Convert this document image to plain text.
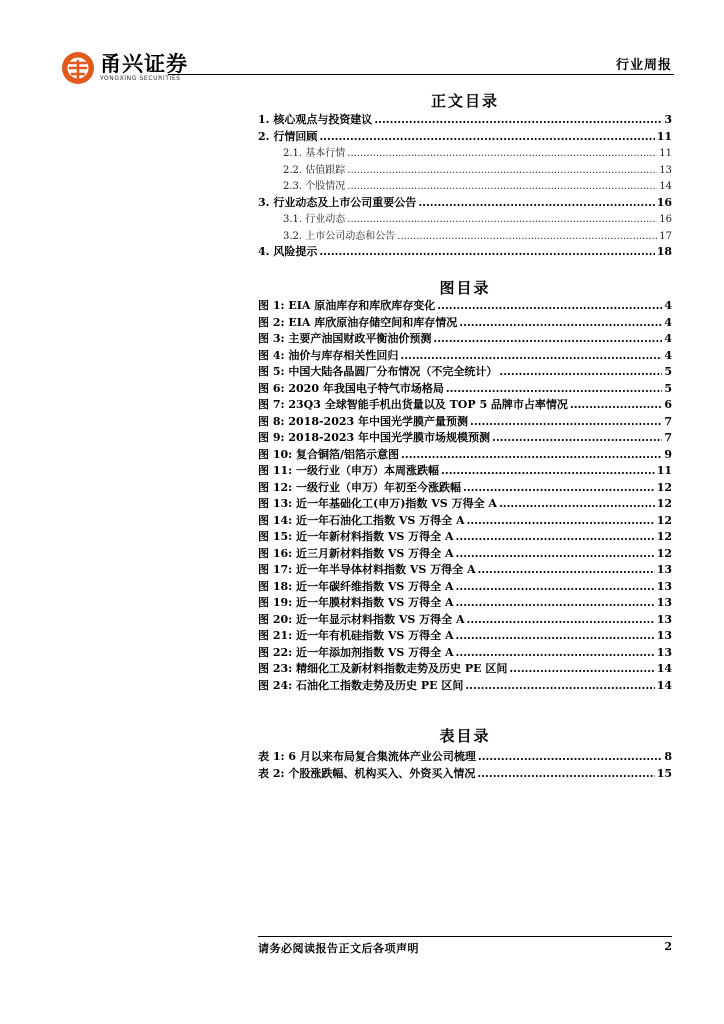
甬兴证券
YONGXING SECURITIES
行业周报
正文目录
1. 核心观点与投资建议 .....	3
2. 行情回顾 .....	11
2.1. 基本行情 .....	11
2.2. 估值跟踪 .....	13
2.3. 个股情况 .....	14
3. 行业动态及上市公司重要公告 .....	16
3.1. 行业动态 .....	16
3.2. 上市公司动态和公告 .....	17
4. 风险提示 .....	18
图目录
图 1: EIA 原油库存和库欣库存变化 .....	4
图 2: EIA 库欣原油存储空间和库存情况 .....	4
图 3: 主要产油国财政平衡油价预测 .....	4
图 4: 油价与库存相关性回归 .....	4
图 5: 中国大陆各晶圆厂分布情况（不完全统计） .....	5
图 6: 2020 年我国电子特气市场格局 .....	5
图 7: 23Q3 全球智能手机出货量以及 TOP 5 品牌市占率情况 .....	6
图 8: 2018-2023 年中国光学膜产量预测 .....	7
图 9: 2018-2023 年中国光学膜市场规模预测 .....	7
图 10: 复合铜箔/铝箔示意图 .....	9
图 11: 一级行业（申万）本周涨跌幅 .....	11
图 12: 一级行业（申万）年初至今涨跌幅 .....	12
图 13: 近一年基础化工(申万)指数 VS 万得全 A .....	12
图 14: 近一年石油化工指数 VS 万得全 A .....	12
图 15: 近一年新材料指数 VS 万得全 A .....	12
图 16: 近三月新材料指数 VS 万得全 A .....	12
图 17: 近一年半导体材料指数 VS 万得全 A .....	13
图 18: 近一年碳纤维指数 VS 万得全 A .....	13
图 19: 近一年膜材料指数 VS 万得全 A .....	13
图 20: 近一年显示材料指数 VS 万得全 A .....	13
图 21: 近一年有机硅指数 VS 万得全 A .....	13
图 22: 近一年添加剂指数 VS 万得全 A .....	13
图 23: 精细化工及新材料指数走势及历史 PE 区间 .....	14
图 24: 石油化工指数走势及历史 PE 区间 .....	14
表目录
表 1: 6 月以来布局复合集流体产业公司梳理 .....	8
表 2: 个股涨跌幅、机构买入、外资买入情况 .....	15
请务必阅读报告正文后各项声明	2
